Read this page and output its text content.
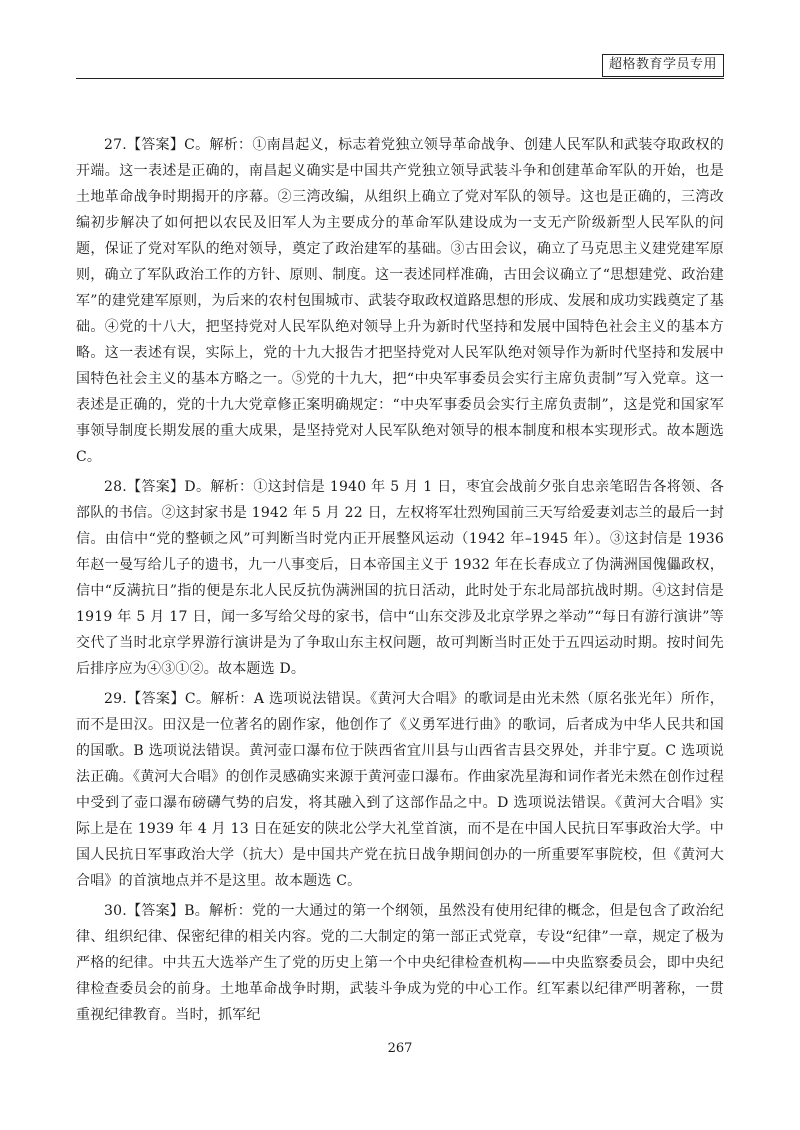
超格教育学员专用

27.【答案】C。解析：①南昌起义，标志着党独立领导革命战争、创建人民军队和武装夺取政权的开端。这一表述是正确的，南昌起义确实是中国共产党独立领导武装斗争和创建革命军队的开始，也是土地革命战争时期揭开的序幕。②三湾改编，从组织上确立了党对军队的领导。这也是正确的，三湾改编初步解决了如何把以农民及旧军人为主要成分的革命军队建设成为一支无产阶级新型人民军队的问题，保证了党对军队的绝对领导，奠定了政治建军的基础。③古田会议，确立了马克思主义建党建军原则，确立了军队政治工作的方针、原则、制度。这一表述同样准确，古田会议确立了“思想建党、政治建军”的建党建军原则，为后来的农村包围城市、武装夺取政权道路思想的形成、发展和成功实践奠定了基础。④党的十八大，把坚持党对人民军队绝对领导上升为新时代坚持和发展中国特色社会主义的基本方略。这一表述有误，实际上，党的十九大报告才把坚持党对人民军队绝对领导作为新时代坚持和发展中国特色社会主义的基本方略之一。⑤党的十九大，把“中央军事委员会实行主席负责制”写入党章。这一表述是正确的，党的十九大党章修正案明确规定：“中央军事委员会实行主席负责制”，这是党和国家军事领导制度长期发展的重大成果，是坚持党对人民军队绝对领导的根本制度和根本实现形式。故本题选 C。

28.【答案】D。解析：①这封信是 1940 年 5 月 1 日，枣宜会战前夕张自忠亲笔昭告各将领、各部队的书信。②这封家书是 1942 年 5 月 22 日，左权将军壮烈殉国前三天写给爱妻刘志兰的最后一封信。由信中“党的整顿之风”可判断当时党内正开展整风运动（1942 年–1945 年）。③这封信是 1936 年赵一曼写给儿子的遗书，九一八事变后，日本帝国主义于 1932 年在长春成立了伪满洲国傀儡政权，信中“反满抗日”指的便是东北人民反抗伪满洲国的抗日活动，此时处于东北局部抗战时期。④这封信是 1919 年 5 月 17 日，闻一多写给父母的家书，信中“山东交涉及北京学界之举动”“每日有游行演讲”等交代了当时北京学界游行演讲是为了争取山东主权问题，故可判断当时正处于五四运动时期。按时间先后排序应为④③①②。故本题选 D。

29.【答案】C。解析：A 选项说法错误。《黄河大合唱》的歌词是由光未然（原名张光年）所作，而不是田汉。田汉是一位著名的剧作家，他创作了《义勇军进行曲》的歌词，后者成为中华人民共和国的国歌。B 选项说法错误。黄河壶口瀑布位于陕西省宜川县与山西省吉县交界处，并非宁夏。C 选项说法正确。《黄河大合唱》的创作灵感确实来源于黄河壶口瀑布。作曲家冼星海和词作者光未然在创作过程中受到了壶口瀑布磅礴气势的启发，将其融入到了这部作品之中。D 选项说法错误。《黄河大合唱》实际上是在 1939 年 4 月 13 日在延安的陕北公学大礼堂首演，而不是在中国人民抗日军事政治大学。中国人民抗日军事政治大学（抗大）是中国共产党在抗日战争期间创办的一所重要军事院校，但《黄河大合唱》的首演地点并不是这里。故本题选 C。

30.【答案】B。解析：党的一大通过的第一个纲领，虽然没有使用纪律的概念，但是包含了政治纪律、组织纪律、保密纪律的相关内容。党的二大制定的第一部正式党章，专设“纪律”一章，规定了极为严格的纪律。中共五大选举产生了党的历史上第一个中央纪律检查机构——中央监察委员会，即中央纪律检查委员会的前身。土地革命战争时期，武装斗争成为党的中心工作。红军素以纪律严明著称，一贯重视纪律教育。当时，抓军纪

267
